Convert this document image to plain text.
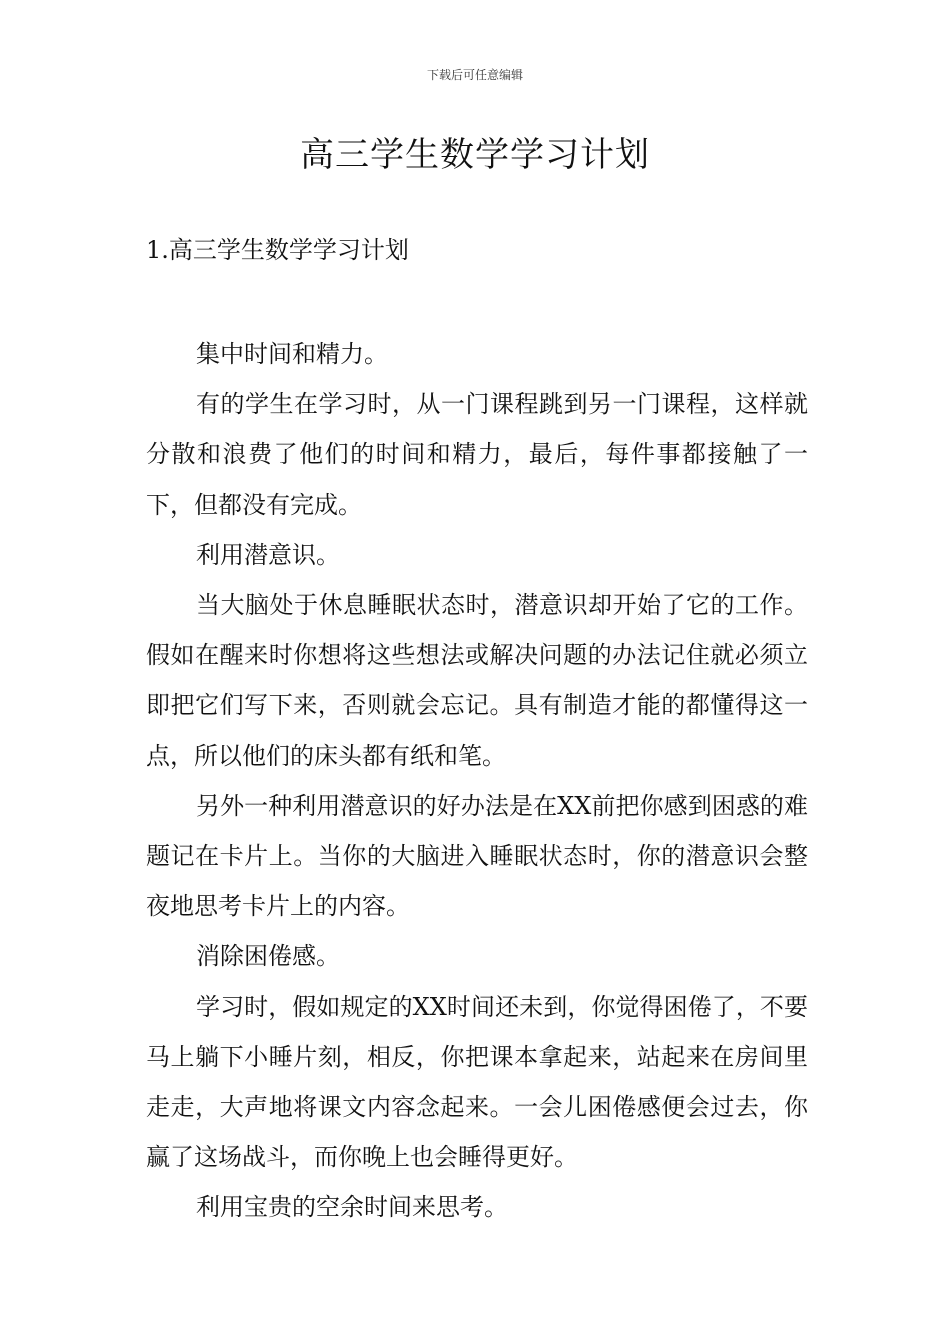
下载后可任意编辑
高三学生数学学习计划
1.高三学生数学学习计划

集中时间和精力。

有的学生在学习时，从一门课程跳到另一门课程，这样就分散和浪费了他们的时间和精力，最后，每件事都接触了一下，但都没有完成。

利用潜意识。

当大脑处于休息睡眠状态时，潜意识却开始了它的工作。假如在醒来时你想将这些想法或解决问题的办法记住就必须立即把它们写下来，否则就会忘记。具有制造才能的都懂得这一点，所以他们的床头都有纸和笔。

另外一种利用潜意识的好办法是在XX前把你感到困惑的难题记在卡片上。当你的大脑进入睡眠状态时，你的潜意识会整夜地思考卡片上的内容。

消除困倦感。

学习时，假如规定的XX时间还未到，你觉得困倦了，不要马上躺下小睡片刻，相反，你把课本拿起来，站起来在房间里走走，大声地将课文内容念起来。一会儿困倦感便会过去，你赢了这场战斗，而你晚上也会睡得更好。

利用宝贵的空余时间来思考。
